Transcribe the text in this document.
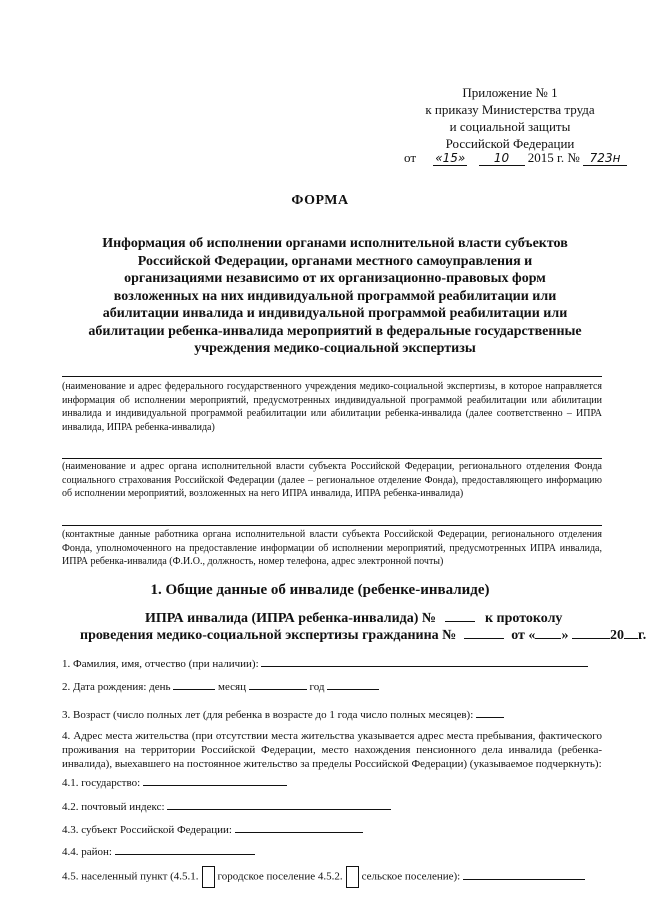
Приложение № 1
к приказу Министерства труда
и социальной защиты
Российской Федерации
от «15» 10 2015 г. № 723н
ФОРМА
Информация об исполнении органами исполнительной власти субъектов Российской Федерации, органами местного самоуправления и организациями независимо от их организационно-правовых форм возложенных на них индивидуальной программой реабилитации или абилитации инвалида и индивидуальной программой реабилитации или абилитации ребенка-инвалида мероприятий в федеральные государственные учреждения медико-социальной экспертизы
(наименование и адрес федерального государственного учреждения медико-социальной экспертизы, в которое направляется информация об исполнении мероприятий, предусмотренных индивидуальной программой реабилитации или абилитации инвалида и индивидуальной программой реабилитации или абилитации ребенка-инвалида (далее соответственно – ИПРА инвалида, ИПРА ребенка-инвалида)
(наименование и адрес органа исполнительной власти субъекта Российской Федерации, регионального отделения Фонда социального страхования Российской Федерации (далее – региональное отделение Фонда), предоставляющего информацию об исполнении мероприятий, возложенных на него ИПРА инвалида, ИПРА ребенка-инвалида)
(контактные данные работника органа исполнительной власти субъекта Российской Федерации, регионального отделения Фонда, уполномоченного на предоставление информации об исполнении мероприятий, предусмотренных ИПРА инвалида, ИПРА ребенка-инвалида (Ф.И.О., должность, номер телефона, адрес электронной почты)
1. Общие данные об инвалиде (ребенке-инвалиде)
ИПРА инвалида (ИПРА ребенка-инвалида) №	к протоколу
проведения медико-социальной экспертизы гражданина №	от « »	20 г.
1. Фамилия, имя, отчество (при наличии):
2. Дата рождения: день	месяц	год
3. Возраст (число полных лет (для ребенка в возрасте до 1 года число полных месяцев):
4. Адрес места жительства (при отсутствии места жительства указывается адрес места пребывания, фактического проживания на территории Российской Федерации, место нахождения пенсионного дела инвалида (ребенка-инвалида), выехавшего на постоянное жительство за пределы Российской Федерации) (указываемое подчеркнуть):
4.1. государство:
4.2. почтовый индекс:
4.3. субъект Российской Федерации:
4.4. район:
4.5. населенный пункт (4.5.1. городское поселение 4.5.2. сельское поселение):
